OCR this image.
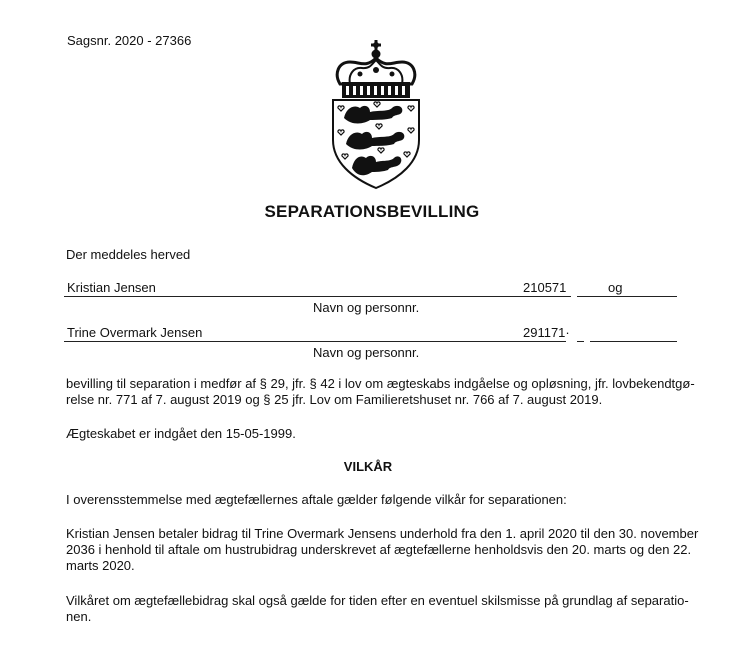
Sagsnr. 2020 - 27366
SEPARATIONSBEVILLING
Der meddeles herved
Kristian Jensen	210571	og
Navn og personnr.
Trine Overmark Jensen	291171·
Navn og personnr.
bevilling til separation i medfør af § 29, jfr. § 42 i lov om ægteskabs indgåelse og opløsning, jfr. lovbekendtgø-
relse nr. 771 af 7. august 2019 og § 25 jfr. Lov om Familieretshuset nr. 766 af 7. august 2019.
Ægteskabet er indgået den 15-05-1999.
VILKÅR
I overensstemmelse med ægtefællernes aftale gælder følgende vilkår for separationen:
Kristian Jensen betaler bidrag til Trine Overmark Jensens underhold fra den 1. april 2020 til den 30. november
2036 i henhold til aftale om hustrubidrag underskrevet af ægtefællerne henholdsvis den 20. marts og den 22.
marts 2020.
Vilkåret om ægtefællebidrag skal også gælde for tiden efter en eventuel skilsmisse på grundlag af separatio-
nen.
